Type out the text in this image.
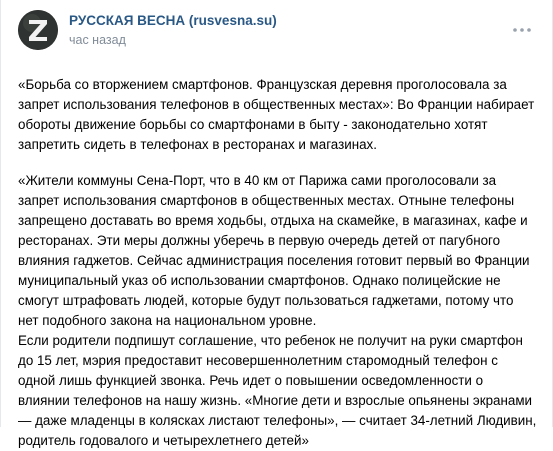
РУССКАЯ ВЕСНА (rusvesna.su)
час назад

«Борьба со вторжением смартфонов. Французская деревня проголосовала за
запрет использования телефонов в общественных местах»: Во Франции набирает
обороты движение борьбы со смартфонами в быту - законодательно хотят
запретить сидеть в телефонах в ресторанах и магазинах.

«Жители коммуны Сена-Порт, что в 40 км от Парижа сами проголосовали за
запрет использования смартфонов в общественных местах. Отныне телефоны
запрещено доставать во время ходьбы, отдыха на скамейке, в магазинах, кафе и
ресторанах. Эти меры должны уберечь в первую очередь детей от пагубного
влияния гаджетов. Сейчас администрация поселения готовит первый во Франции
муниципальный указ об использовании смартфонов. Однако полицейские не
смогут штрафовать людей, которые будут пользоваться гаджетами, потому что
нет подобного закона на национальном уровне.

Если родители подпишут соглашение, что ребенок не получит на руки смартфон
до 15 лет, мэрия предоставит несовершеннолетним старомодный телефон с
одной лишь функцией звонка. Речь идет о повышении осведомленности о
влиянии телефонов на нашу жизнь. «Многие дети и взрослые опьянены экранами
— даже младенцы в колясках листают телефоны», — считает 34-летний Людивин,
родитель годовалого и четырехлетнего детей»
